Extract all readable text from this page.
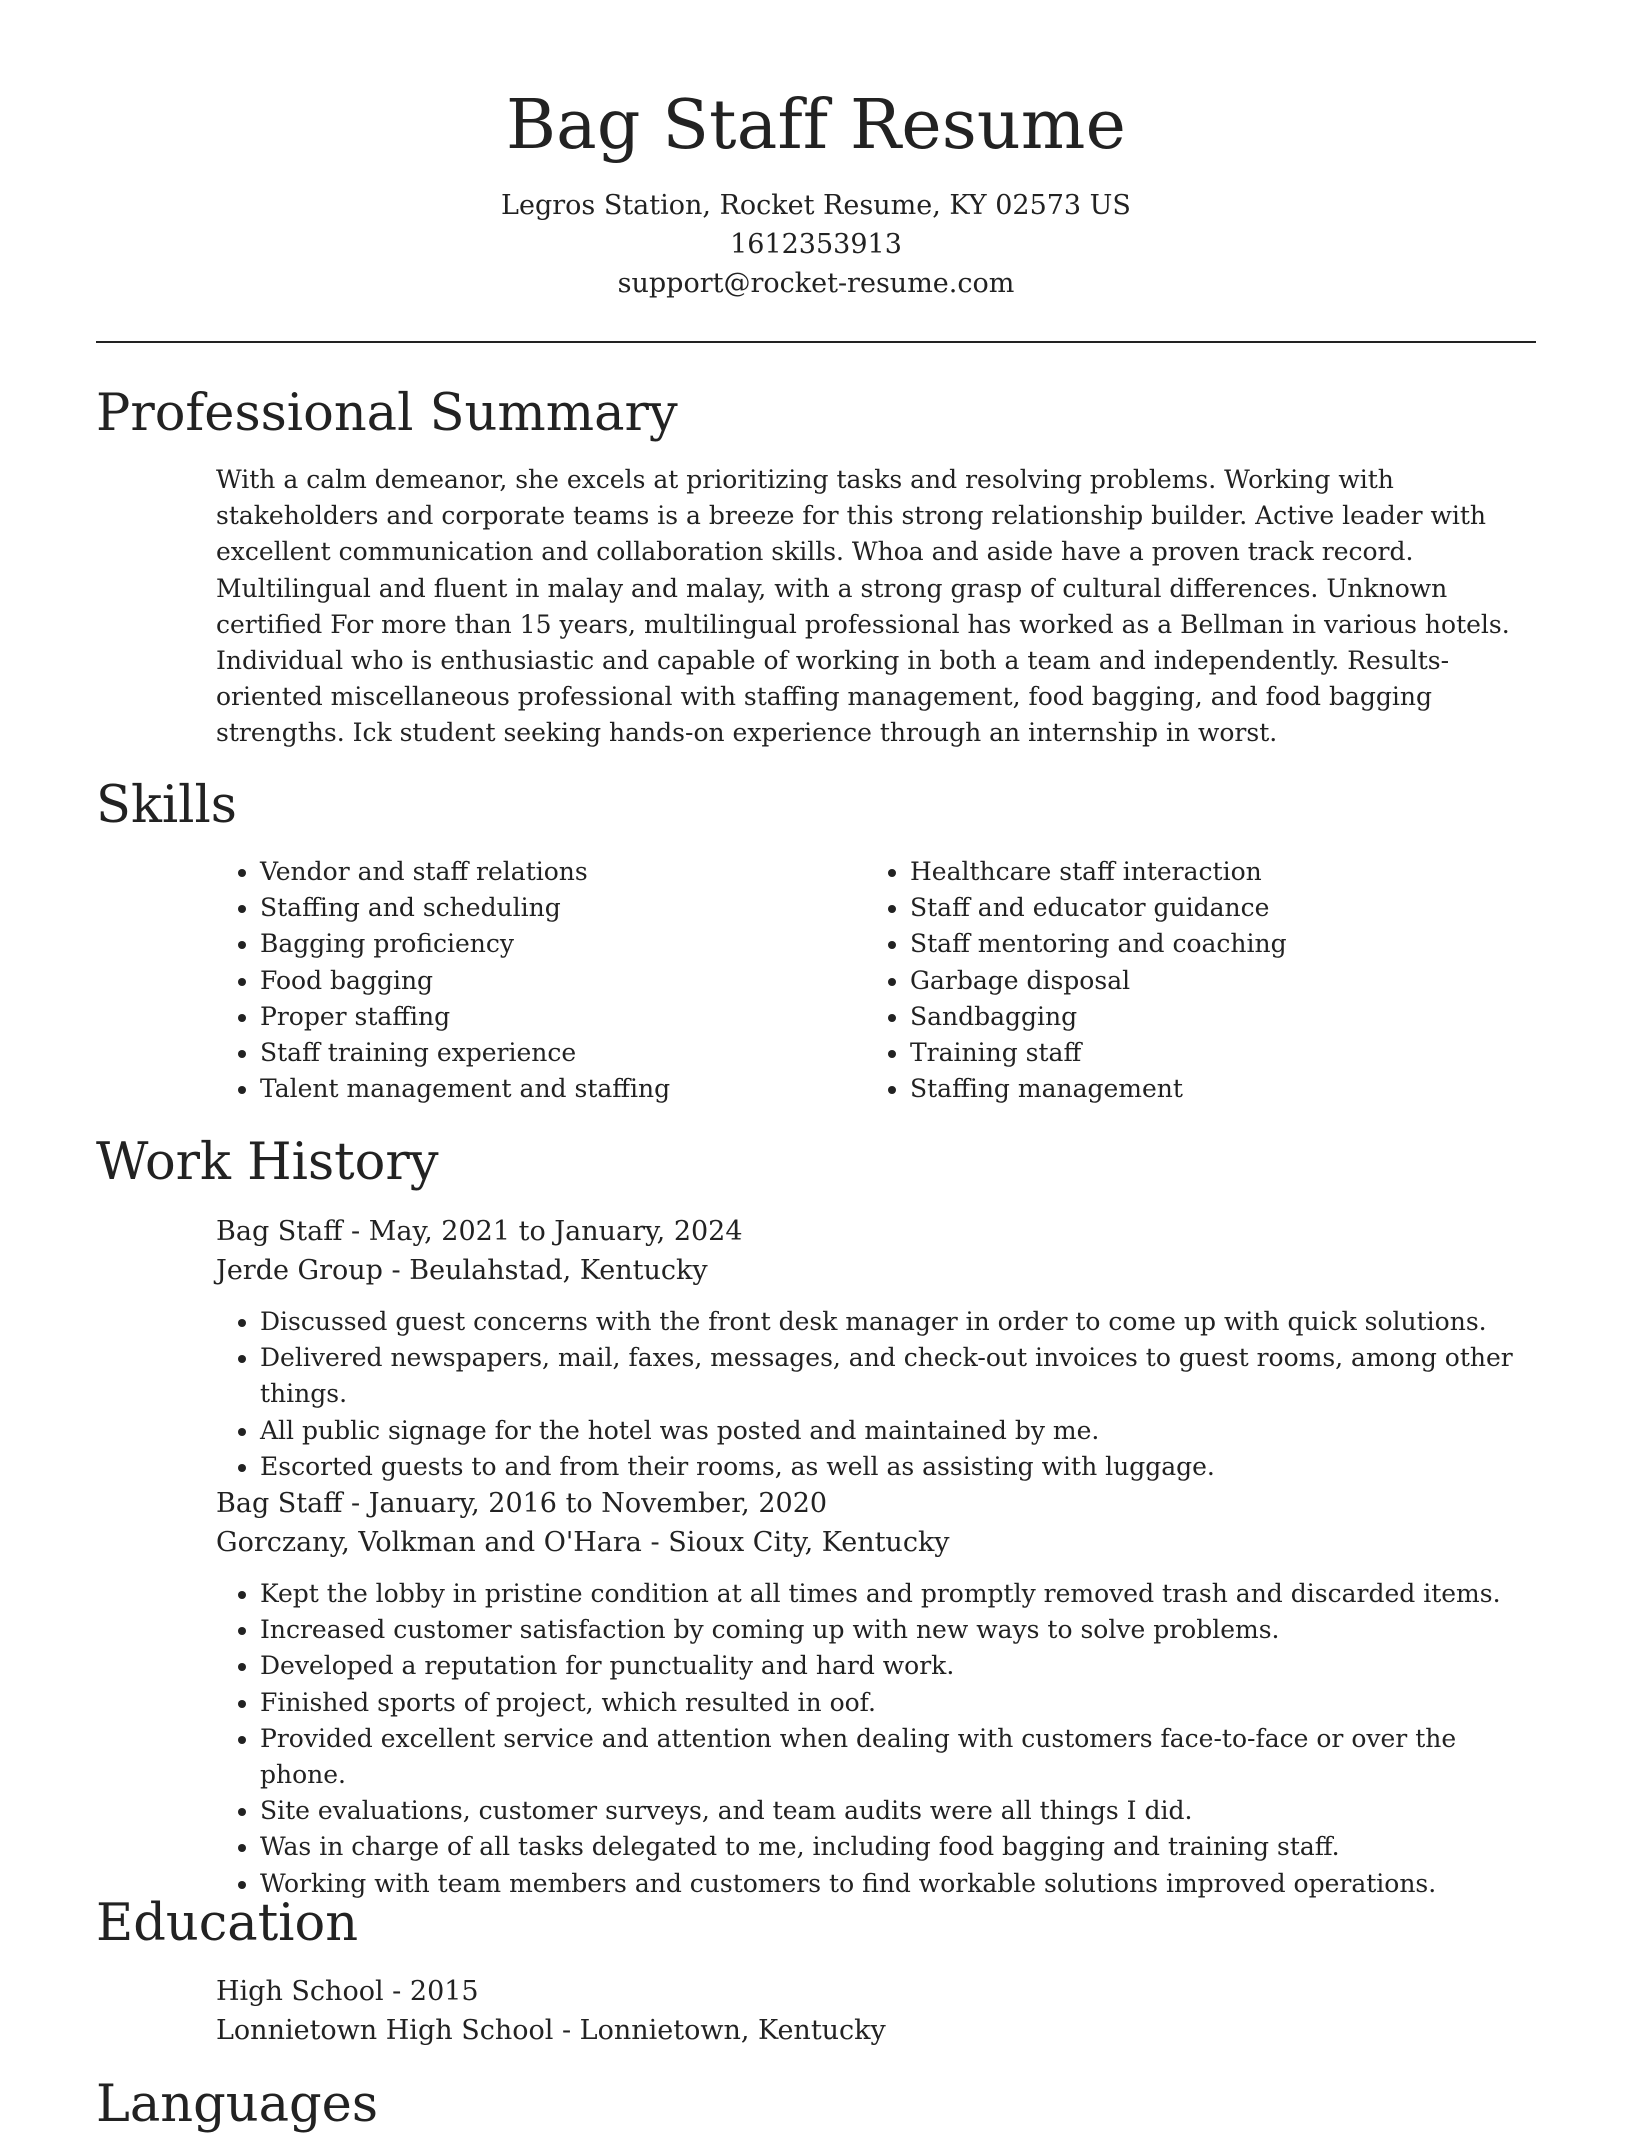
Bag Staff Resume
Legros Station, Rocket Resume, KY 02573 US
1612353913
support@rocket-resume.com
Professional Summary

With a calm demeanor, she excels at prioritizing tasks and resolving problems. Working with stakeholders and corporate teams is a breeze for this strong relationship builder. Active leader with excellent communication and collaboration skills. Whoa and aside have a proven track record. Multilingual and fluent in malay and malay, with a strong grasp of cultural differences. Unknown certified For more than 15 years, multilingual professional has worked as a Bellman in various hotels. Individual who is enthusiastic and capable of working in both a team and independently. Results-oriented miscellaneous professional with staffing management, food bagging, and food bagging strengths. Ick student seeking hands-on experience through an internship in worst.

Skills
• Vendor and staff relations
• Staffing and scheduling
• Bagging proficiency
• Food bagging
• Proper staffing
• Staff training experience
• Talent management and staffing
• Healthcare staff interaction
• Staff and educator guidance
• Staff mentoring and coaching
• Garbage disposal
• Sandbagging
• Training staff
• Staffing management
Work History
Bag Staff - May, 2021 to January, 2024
Jerde Group - Beulahstad, Kentucky
• Discussed guest concerns with the front desk manager in order to come up with quick solutions.
• Delivered newspapers, mail, faxes, messages, and check-out invoices to guest rooms, among other things.
• All public signage for the hotel was posted and maintained by me.
• Escorted guests to and from their rooms, as well as assisting with luggage.
Bag Staff - January, 2016 to November, 2020
Gorczany, Volkman and O'Hara - Sioux City, Kentucky
• Kept the lobby in pristine condition at all times and promptly removed trash and discarded items.
• Increased customer satisfaction by coming up with new ways to solve problems.
• Developed a reputation for punctuality and hard work.
• Finished sports of project, which resulted in oof.
• Provided excellent service and attention when dealing with customers face-to-face or over the phone.
• Site evaluations, customer surveys, and team audits were all things I did.
• Was in charge of all tasks delegated to me, including food bagging and training staff.
• Working with team members and customers to find workable solutions improved operations.
Education
High School - 2015
Lonnietown High School - Lonnietown, Kentucky
Languages
